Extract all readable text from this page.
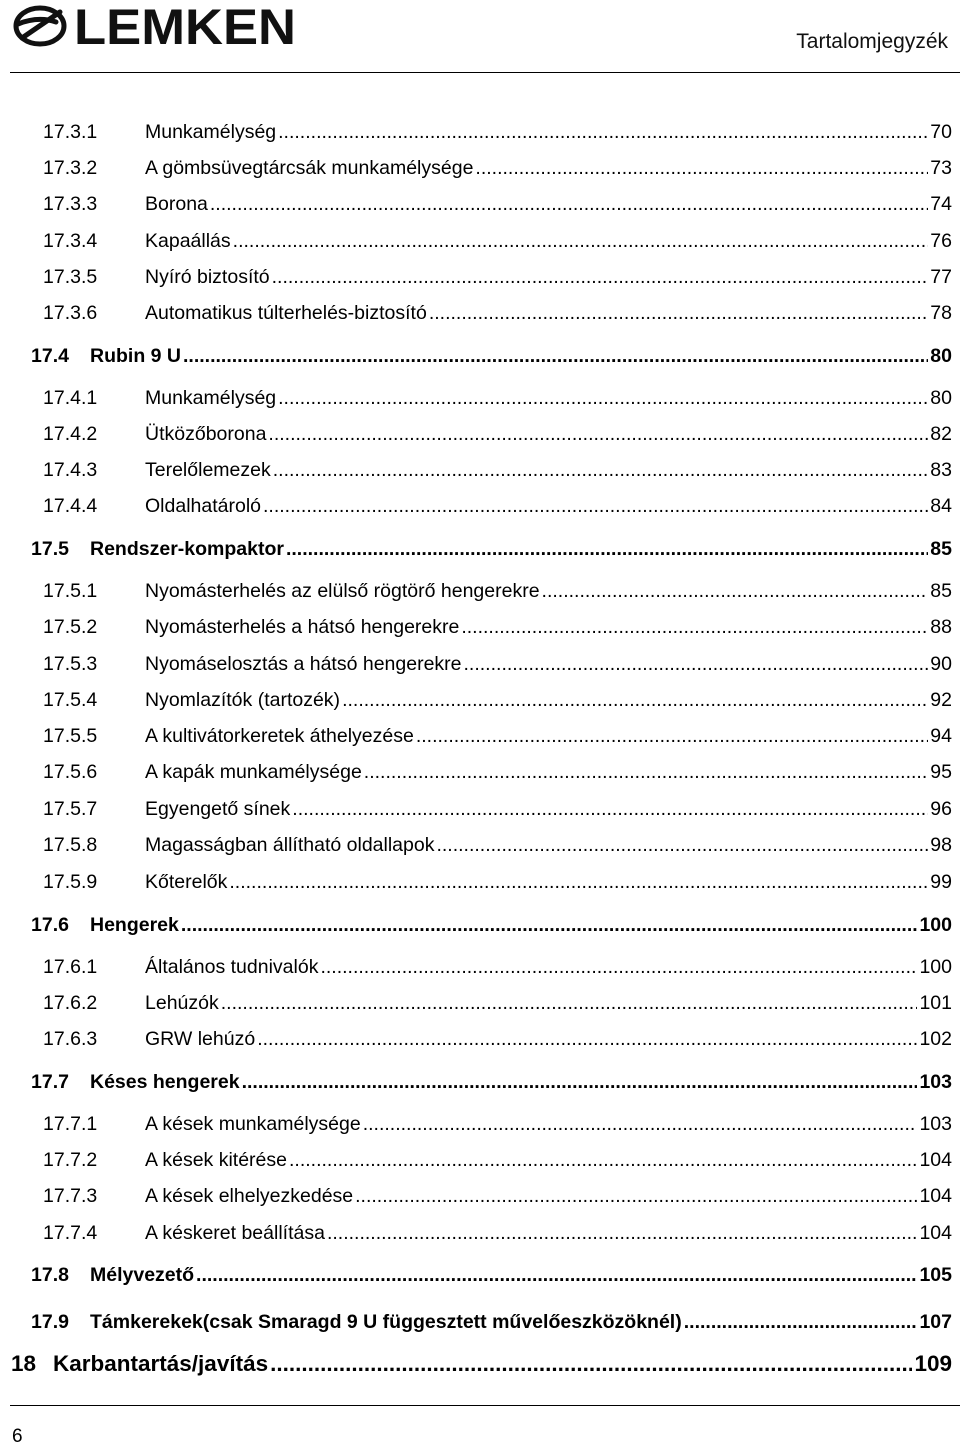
LEMKEN	Tartalomjegyzék
17.3.1	Munkamélység .....	70
17.3.2	A gömbsüvegtárcsák munkamélysége .....	73
17.3.3	Borona .....	74
17.3.4	Kapaállás .....	76
17.3.5	Nyíró biztosító .....	77
17.3.6	Automatikus túlterhelés-biztosító .....	78
17.4	Rubin 9 U .....	80
17.4.1	Munkamélység .....	80
17.4.2	Ütközőborona .....	82
17.4.3	Terelőlemezek .....	83
17.4.4	Oldalhatároló .....	84
17.5	Rendszer-kompaktor .....	85
17.5.1	Nyomásterhelés az elülső rögtörő hengerekre .....	85
17.5.2	Nyomásterhelés a hátsó hengerekre .....	88
17.5.3	Nyomáselosztás a hátsó hengerekre .....	90
17.5.4	Nyomlazítók (tartozék) .....	92
17.5.5	A kultivátorkeretek áthelyezése .....	94
17.5.6	A kapák munkamélysége .....	95
17.5.7	Egyengető sínek .....	96
17.5.8	Magasságban állítható oldallapok .....	98
17.5.9	Kőterelők .....	99
17.6	Hengerek .....	100
17.6.1	Általános tudnivalók .....	100
17.6.2	Lehúzók .....	101
17.6.3	GRW lehúzó .....	102
17.7	Késes hengerek .....	103
17.7.1	A kések munkamélysége .....	103
17.7.2	A kések kitérése .....	104
17.7.3	A kések elhelyezkedése .....	104
17.7.4	A késkeret beállítása .....	104
17.8	Mélyvezető .....	105
17.9	Támkerekek(csak Smaragd 9 U függesztett művelőeszközöknél) .....	107
18 Karbantartás/javítás .....	109
6
